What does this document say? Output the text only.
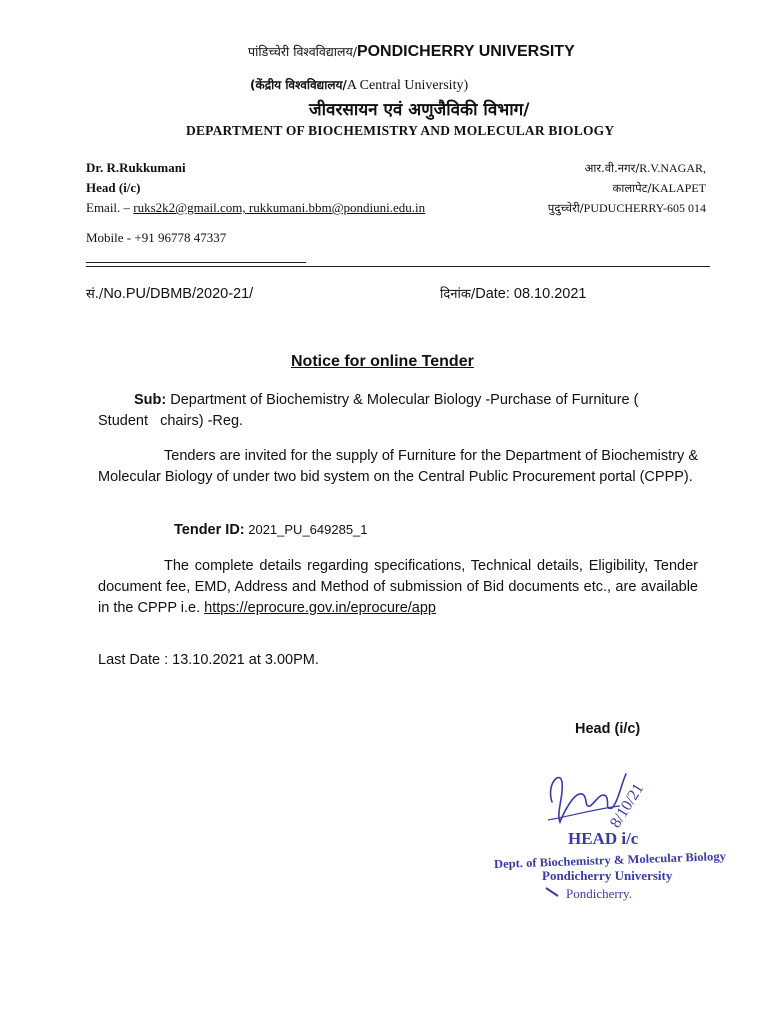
पांडिच्चेरी विश्वविद्यालय/PONDICHERRY UNIVERSITY
(केंद्रीय विश्वविद्यालय/A Central University)
जीवरसायन एवं अणुजैविकी विभाग/
DEPARTMENT OF BIOCHEMISTRY AND MOLECULAR BIOLOGY
Dr. R.Rukkumani
Head (i/c)
Email. – ruks2k2@gmail.com, rukkumani.bbm@pondiuni.edu.in
Mobile - +91 96778 47337
आर.वी.नगर/R.V.NAGAR,
कालापेट/KALAPET
पुदुच्चेरी/PUDUCHERRY-605 014
सं./No.PU/DBMB/2020-21/	दिनांक/Date: 08.10.2021
Notice for online Tender
Sub: Department of Biochemistry & Molecular Biology -Purchase of Furniture (
Student   chairs) -Reg.
Tenders are invited for the supply of Furniture for the Department of Biochemistry & Molecular Biology of under two bid system on the Central Public Procurement portal (CPPP).
Tender ID: 2021_PU_649285_1
The complete details regarding specifications, Technical details, Eligibility, Tender document fee, EMD, Address and Method of submission of Bid documents etc., are available in the CPPP i.e. https://eprocure.gov.in/eprocure/app
Last Date : 13.10.2021 at 3.00PM.
Head (i/c)
8/10/21
HEAD i/c
Dept. of Biochemistry & Molecular Biology
Pondicherry University
Pondicherry.
